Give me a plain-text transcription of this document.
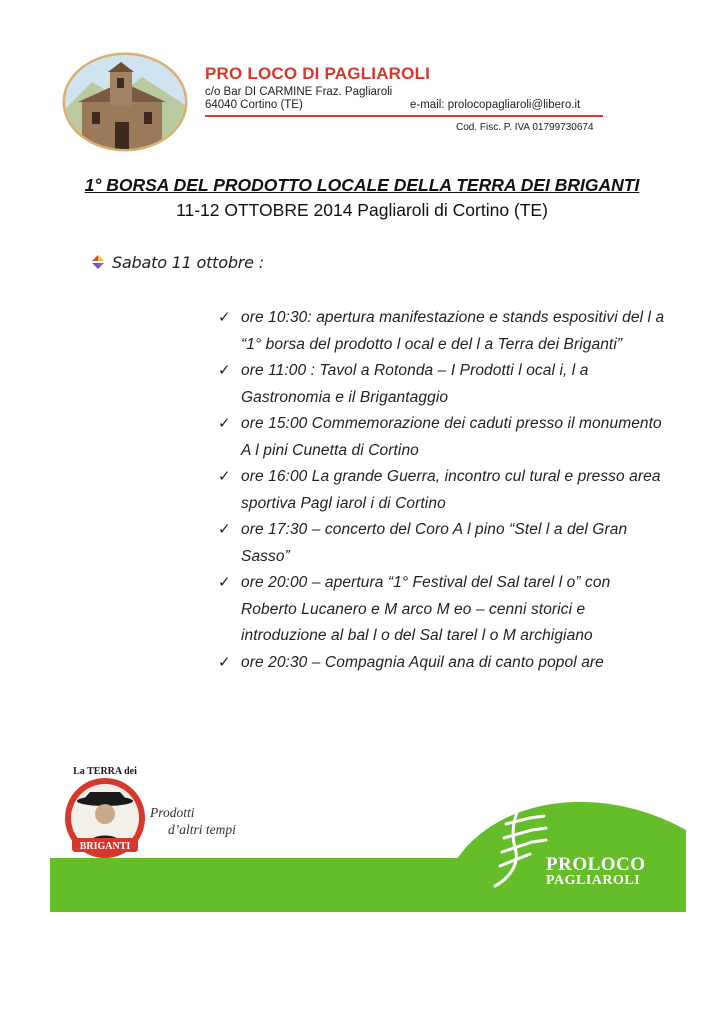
PRO LOCO DI PAGLIAROLI
c/o Bar DI CARMINE Fraz. Pagliaroli
64040 Cortino (TE)	e-mail: prolocopagliaroli@libero.it
Cod. Fisc. P. IVA 01799730674
1° BORSA DEL PRODOTTO LOCALE DELLA TERRA DEI BRIGANTI
11-12 OTTOBRE 2014 Pagliaroli di Cortino (TE)
Sabato 11 ottobre :
✓ ore 10:30: apertura manifestazione e stands espositivi del l a “1° borsa del prodotto l ocal e del l a Terra dei Briganti”
✓ ore 11:00 : Tavol a Rotonda – I Prodotti l ocal i, l a Gastronomia e il Brigantaggio
✓ ore 15:00 Commemorazione dei caduti presso il monumento A l pini Cunetta di Cortino
✓ ore 16:00 La grande Guerra, incontro cul tural e presso area sportiva Pagl iarol i di Cortino
✓ ore 17:30 – concerto del Coro A l pino “Stel l a del Gran Sasso”
✓ ore 20:00 – apertura “1° Festival del Sal tarel l o” con Roberto Lucanero e M arco M eo – cenni storici e introduzione al bal l o del Sal tarel l o M archigiano
✓ ore 20:30 – Compagnia Aquil ana di canto popol are
PROLOCO
PAGLIAROLI
BRIGANTI
La TERRA dei
Prodotti
d’altri tempi
